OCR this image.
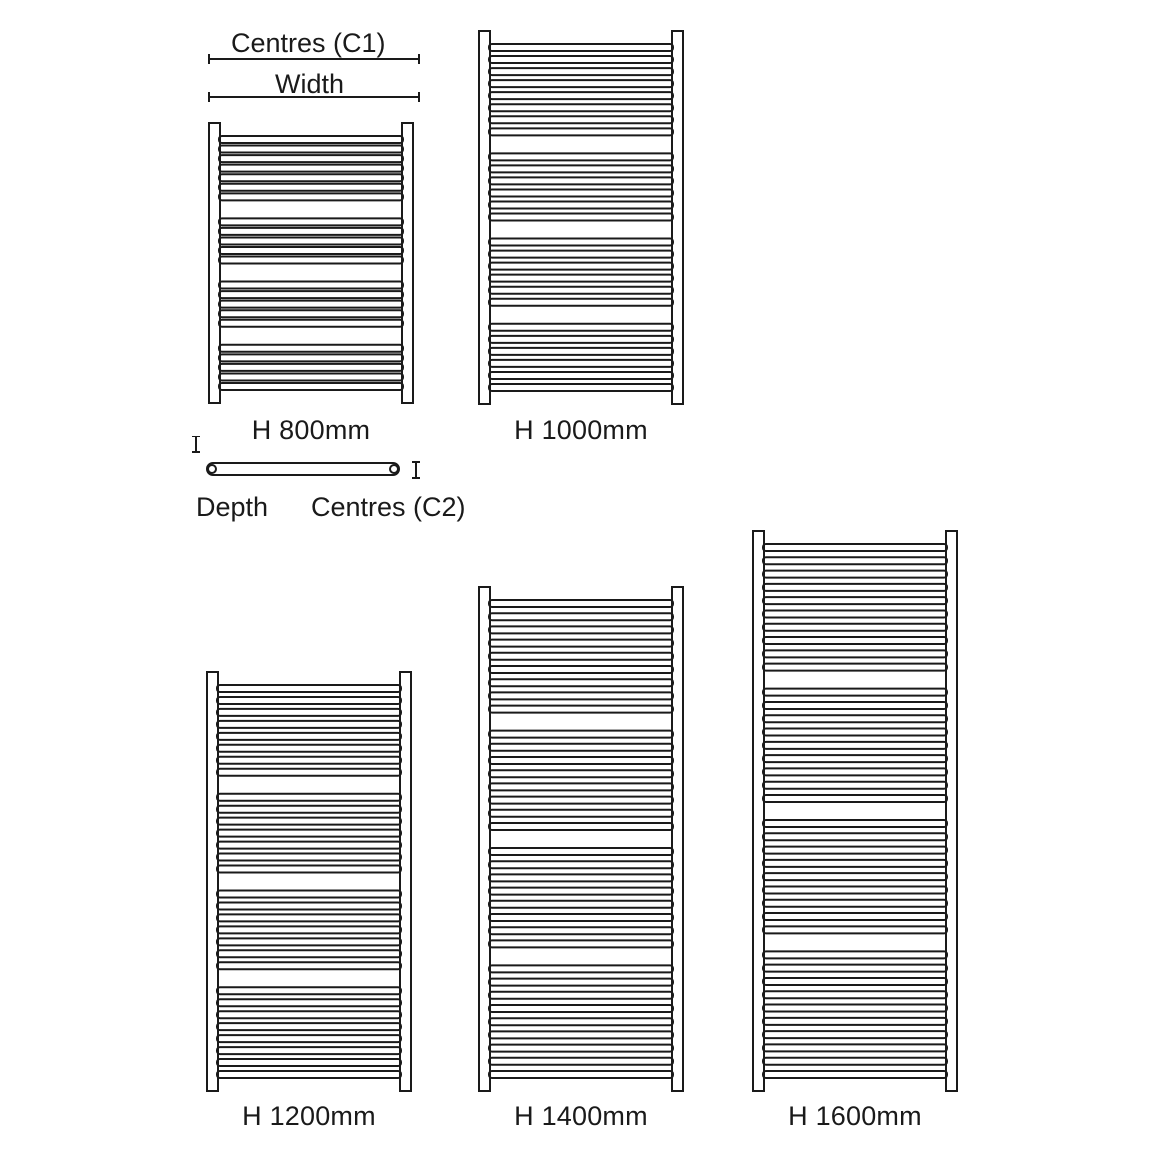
Centres (C1)
Width
H 800mm	H 1000mm
Depth Centres (C2)
H 1200mm	H 1400mm	H 1600mm
